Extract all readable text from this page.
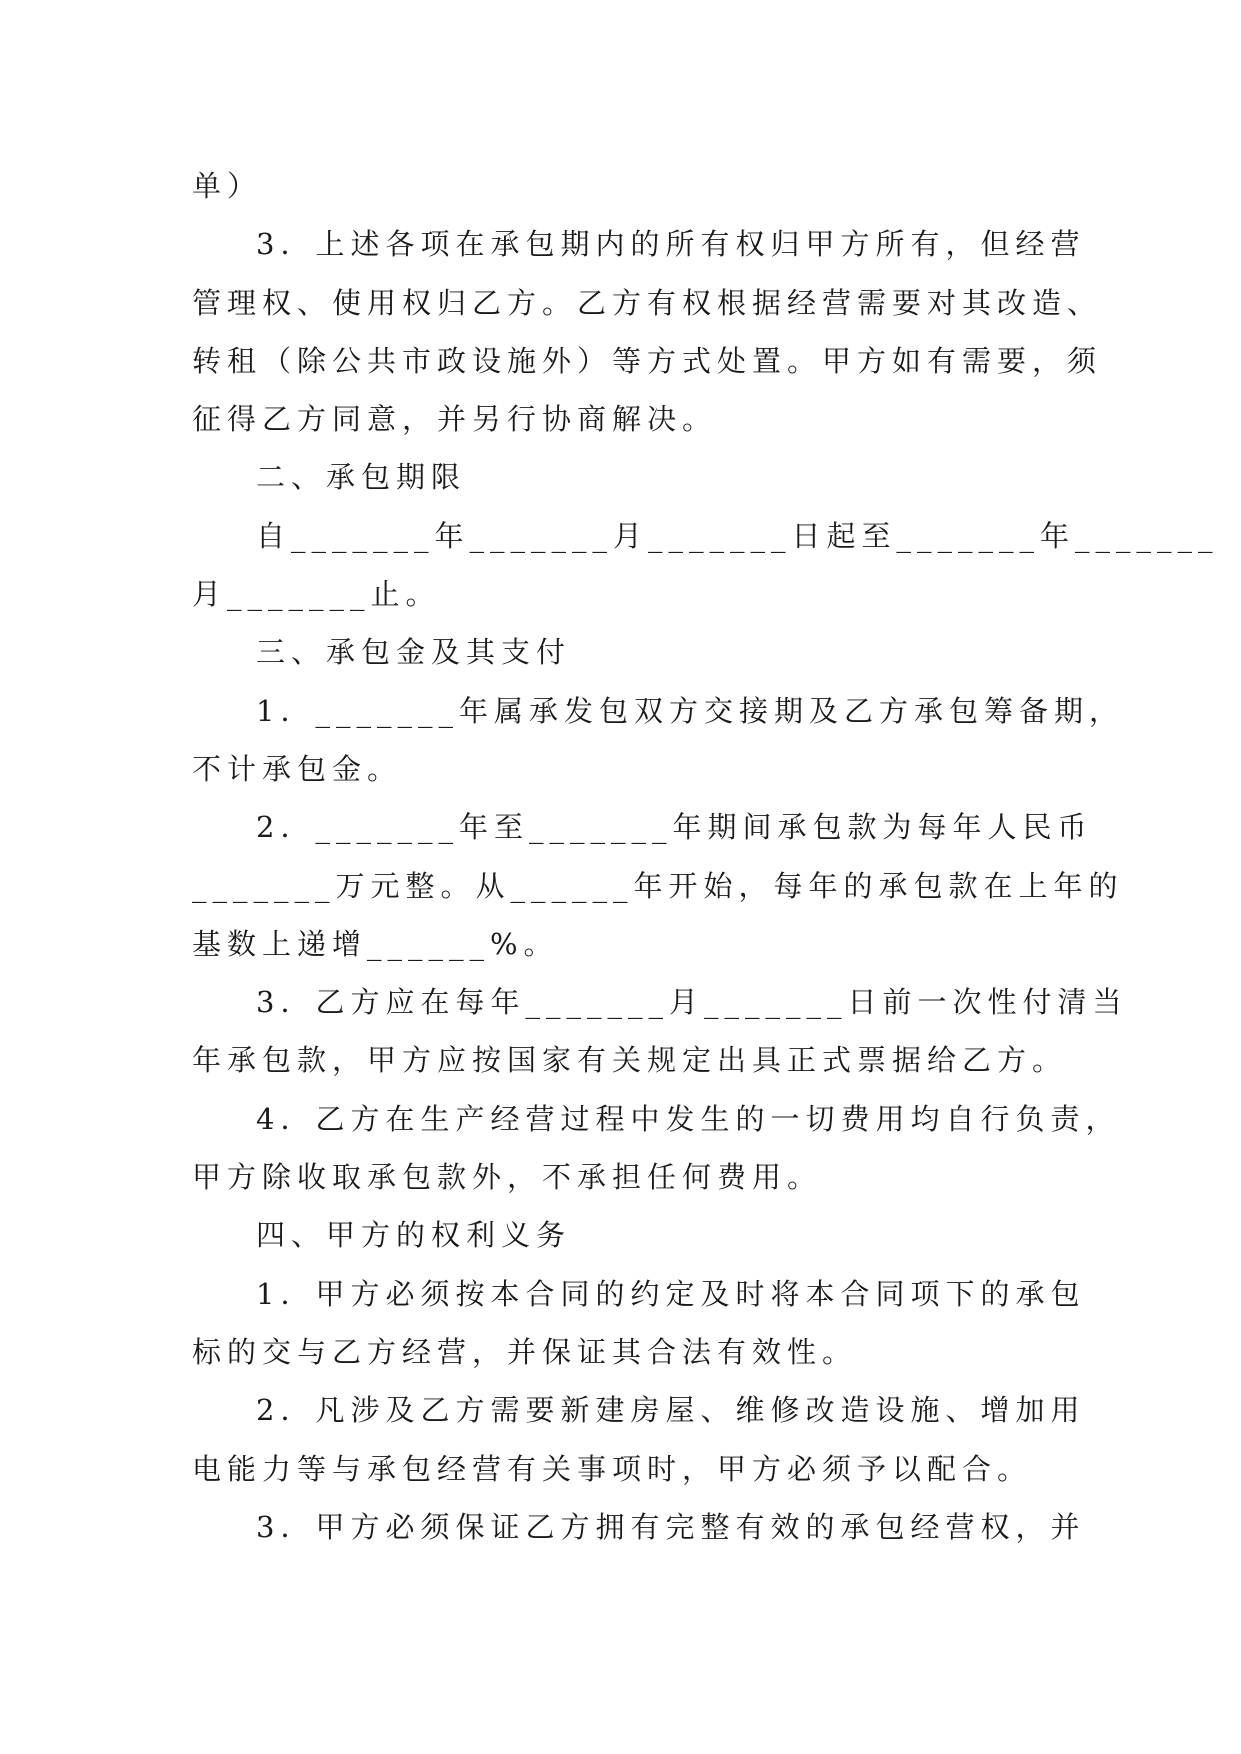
单）
3．上述各项在承包期内的所有权归甲方所有，但经营
管理权、使用权归乙方。乙方有权根据经营需要对其改造、
转租（除公共市政设施外）等方式处置。甲方如有需要，须
征得乙方同意，并另行协商解决。
二、承包期限
自_______年_______月_______日起至_______年_______
月_______止。
三、承包金及其支付
1．_______年属承发包双方交接期及乙方承包筹备期，
不计承包金。
2．_______年至_______年期间承包款为每年人民币
_______万元整。从______年开始，每年的承包款在上年的
基数上递增______%。
3．乙方应在每年_______月_______日前一次性付清当
年承包款，甲方应按国家有关规定出具正式票据给乙方。
4．乙方在生产经营过程中发生的一切费用均自行负责，
甲方除收取承包款外，不承担任何费用。
四、甲方的权利义务
1．甲方必须按本合同的约定及时将本合同项下的承包
标的交与乙方经营，并保证其合法有效性。
2．凡涉及乙方需要新建房屋、维修改造设施、增加用
电能力等与承包经营有关事项时，甲方必须予以配合。
3．甲方必须保证乙方拥有完整有效的承包经营权，并
